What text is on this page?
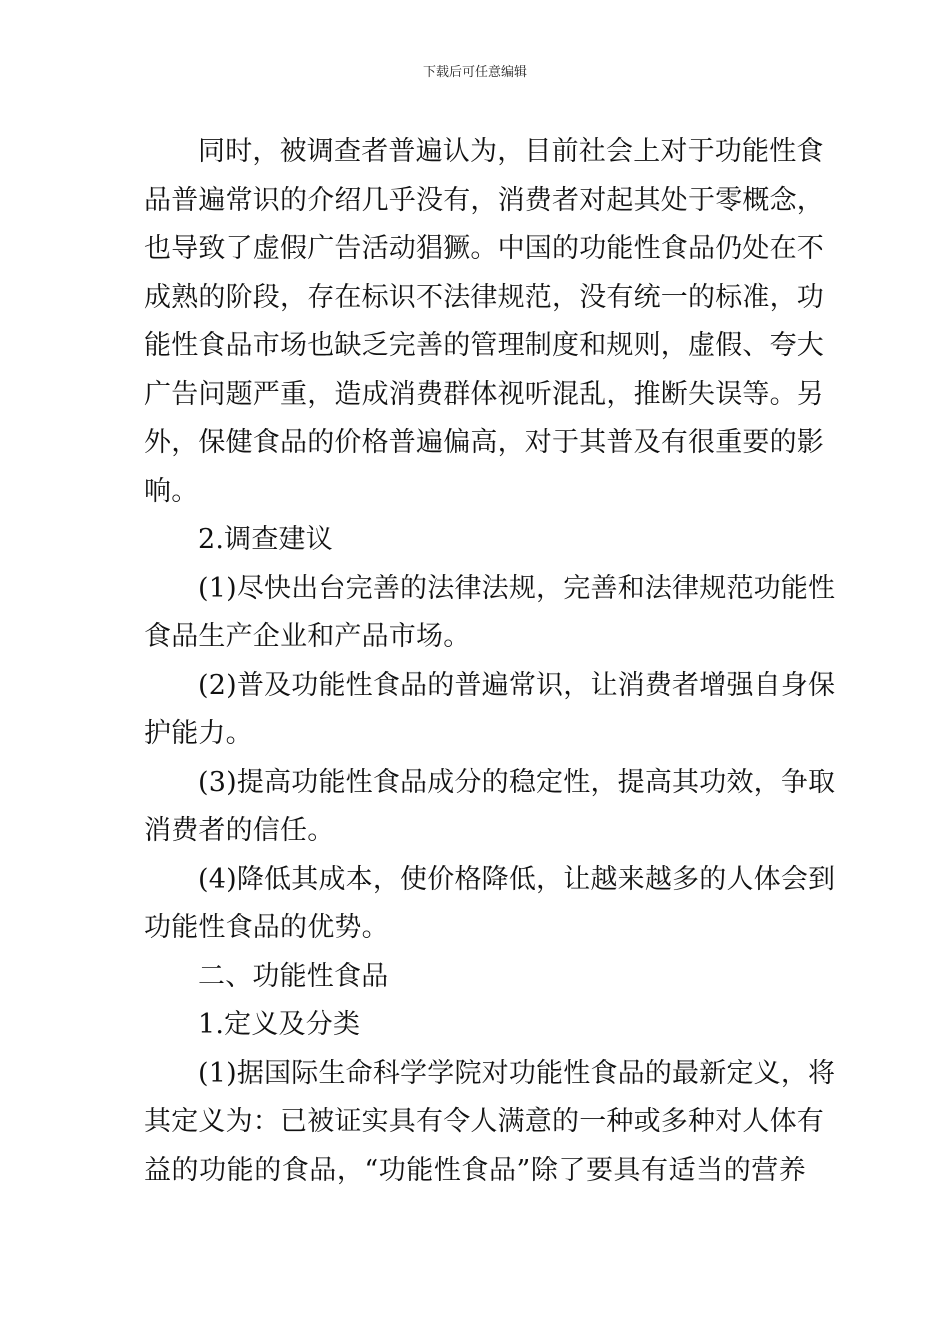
下载后可任意编辑
同时，被调查者普遍认为，目前社会上对于功能性食
品普遍常识的介绍几乎没有，消费者对起其处于零概念，
也导致了虚假广告活动猖獗。中国的功能性食品仍处在不
成熟的阶段，存在标识不法律规范，没有统一的标准，功
能性食品市场也缺乏完善的管理制度和规则，虚假、夸大
广告问题严重，造成消费群体视听混乱，推断失误等。另
外，保健食品的价格普遍偏高，对于其普及有很重要的影
响。
2.调查建议
(1)尽快出台完善的法律法规，完善和法律规范功能性
食品生产企业和产品市场。
(2)普及功能性食品的普遍常识，让消费者增强自身保
护能力。
(3)提高功能性食品成分的稳定性，提高其功效，争取
消费者的信任。
(4)降低其成本，使价格降低，让越来越多的人体会到
功能性食品的优势。
二、功能性食品
1.定义及分类
(1)据国际生命科学学院对功能性食品的最新定义，将
其定义为：已被证实具有令人满意的一种或多种对人体有
益的功能的食品，“功能性食品”除了要具有适当的营养
